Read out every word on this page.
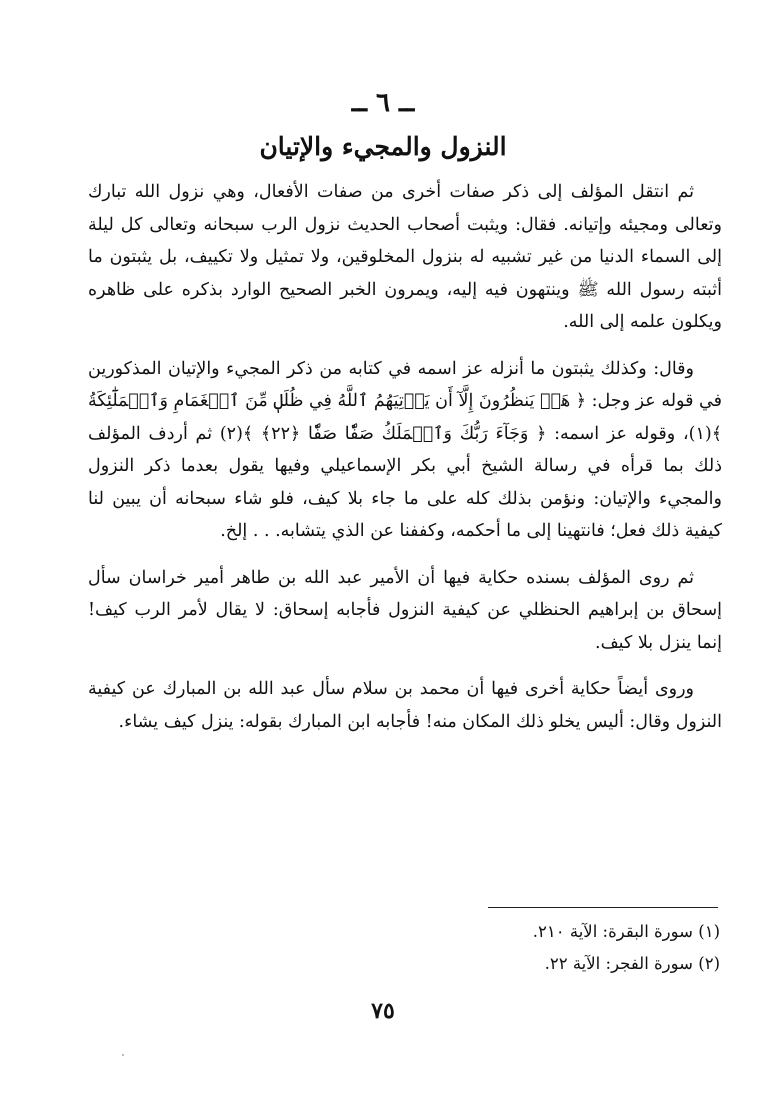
ــ ٦ ــ
النزول والمجيء والإتيان

ثم انتقل المؤلف إلى ذكر صفات أخرى من صفات الأفعال، وهي نزول الله تبارك وتعالى ومجيئه وإتيانه. فقال: ويثبت أصحاب الحديث نزول الرب سبحانه وتعالى كل ليلة إلى السماء الدنيا من غير تشبيه له بنزول المخلوقين، ولا تمثيل ولا تكييف، بل يثبتون ما أثبته رسول الله ﷺ وينتهون فيه إليه، ويمرون الخبر الصحيح الوارد بذكره على ظاهره ويكلون علمه إلى الله.

وقال: وكذلك يثبتون ما أنزله عز اسمه في كتابه من ذكر المجيء والإتيان المذكورين في قوله عز وجل: ﴿ هَلۡ يَنظُرُونَ إِلَّآ أَن يَأۡتِيَهُمُ ٱللَّهُ فِي ظُلَلٖ مِّنَ ٱلۡغَمَامِ وَٱلۡمَلَٰٓئِكَةُ ﴾(١)، وقوله عز اسمه: ﴿ وَجَآءَ رَبُّكَ وَٱلۡمَلَكُ صَفّٗا صَفّٗا ﴿٢٢﴾ ﴾(٢) ثم أردف المؤلف ذلك بما قرأه في رسالة الشيخ أبي بكر الإسماعيلي وفيها يقول بعدما ذكر النزول والمجيء والإتيان: ونؤمن بذلك كله على ما جاء بلا كيف، فلو شاء سبحانه أن يبين لنا كيفية ذلك فعل؛ فانتهينا إلى ما أحكمه، وكففنا عن الذي يتشابه. . . إلخ.

ثم روى المؤلف بسنده حكاية فيها أن الأمير عبد الله بن طاهر أمير خراسان سأل إسحاق بن إبراهيم الحنظلي عن كيفية النزول فأجابه إسحاق: لا يقال لأمر الرب كيف! إنما ينزل بلا كيف.

وروى أيضاً حكاية أخرى فيها أن محمد بن سلام سأل عبد الله بن المبارك عن كيفية النزول وقال: أليس يخلو ذلك المكان منه! فأجابه ابن المبارك بقوله: ينزل كيف يشاء.

(١) سورة البقرة: الآية ٢١٠.
(٢) سورة الفجر: الآية ٢٢.
٧٥
